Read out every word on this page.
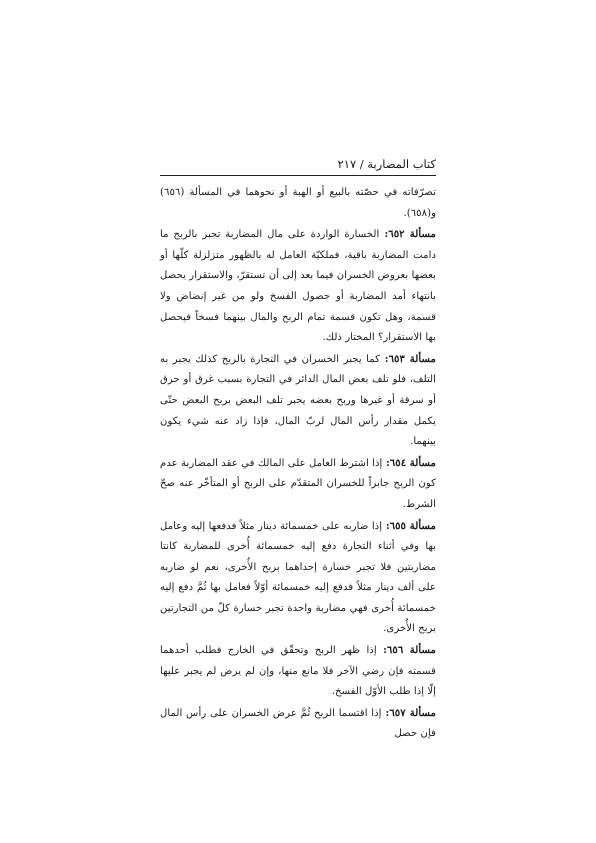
كتاب المضاربة / ٢١٧

تصرّفاته في حصّته بالبيع أو الهبة أو نحوهما في المسألة (٦٥٦) و(٦٥٨).

مسألة ٦٥٢: الخسارة الواردة على مال المضاربة تجبر بالربح ما دامت المضاربة باقية، فملكيّة العامل له بالظهور متزلزلة كلّها أو بعضها بعروض الخسران فيما بعد إلى أن تستقرّ، والاستقرار يحصل بانتهاء أمد المضاربة أو حصول الفسخ ولو من غير إنضاض ولا قسمة، وهل تكون قسمة تمام الربح والمال بينهما فسخاً فيحصل بها الاستقرار؟ المختار ذلك.

مسألة ٦٥٣: كما يجبر الخسران في التجارة بالربح كذلك يجبر به التلف، فلو تلف بعض المال الدائر في التجارة بسبب غرق أو حرق أو سرقة أو غيرها وربح بعضه يجبر تلف البعض بربح البعض حتّى يكمل مقدار رأس المال لربّ المال، فإذا زاد عنه شيء يكون بينهما.

مسألة ٦٥٤: إذا اشترط العامل على المالك في عقد المضاربة عدم كون الربح جابراً للخسران المتقدّم على الربح أو المتأخّر عنه صحّ الشرط.

مسألة ٦٥٥: إذا ضاربه على خمسمائة دينار مثلاً فدفعها إليه وعامل بها وفي أثناء التجارة دفع إليه خمسمائة أُخرى للمضاربة كانتا مضاربتين فلا تجبر خسارة إحداهما بربح الأُخرى، نعم لو ضاربه على ألف دينار مثلاً فدفع إليه خمسمائة أوّلاً فعامل بها ثُمَّ دفع إليه خمسمائة أُخرى فهي مضاربة واحدة تجبر خسارة كلّ من التجارتين بربح الأُخرى.

مسألة ٦٥٦: إذا ظهر الربح وتحقّق في الخارج فطلب أحدهما قسمته فإن رضي الآخر فلا مانع منها، وإن لم يرض لم يجبر عليها إلّا إذا طلب الأوّل الفسخ.

مسألة ٦٥٧: إذا اقتسما الربح ثُمَّ عرض الخسران على رأس المال فإن حصل
